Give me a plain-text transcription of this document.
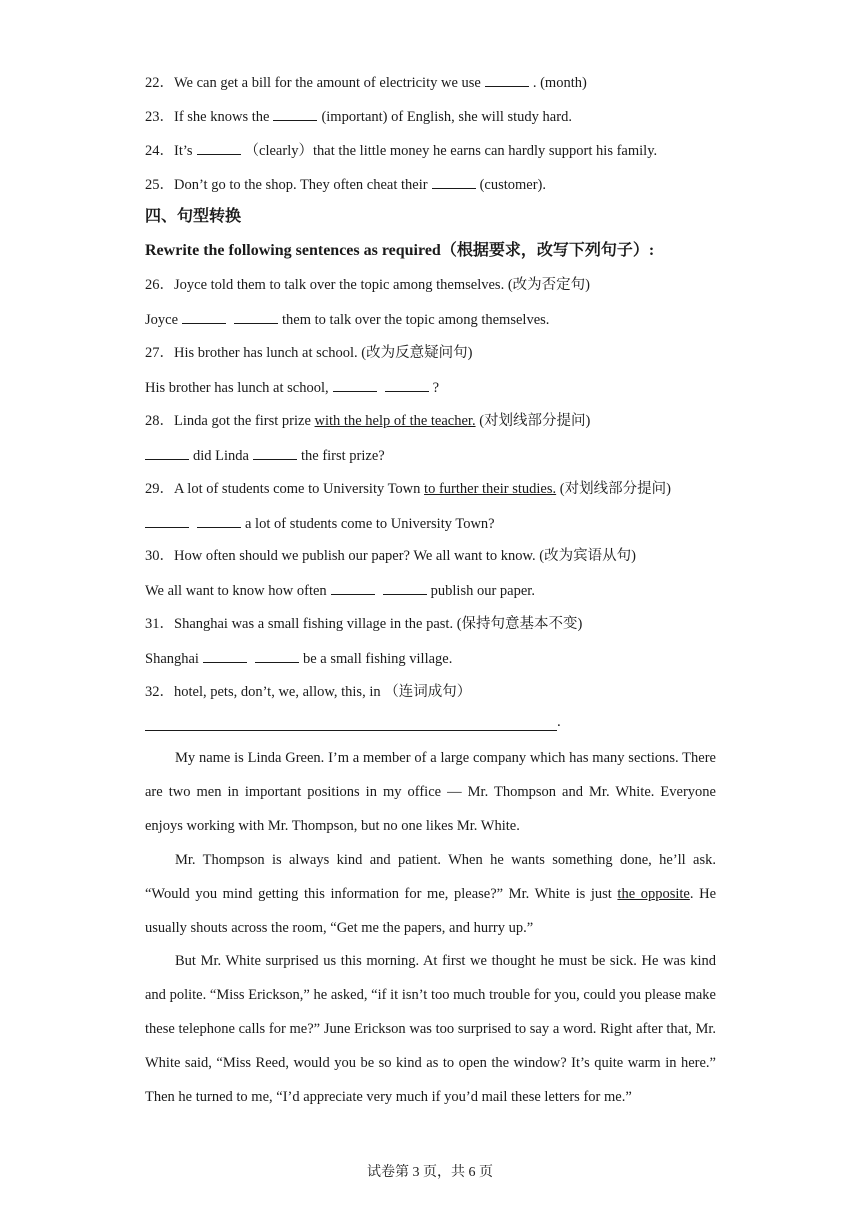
22．We can get a bill for the amount of electricity we use	. (month)
23．If she knows the	(important) of English, she will study hard.
24．It’s	（clearly）that the little money he earns can hardly support his family.
25．Don’t go to the shop. They often cheat their	(customer).
四、句型转换
Rewrite the following sentences as required（根据要求，改写下列句子）:
26．Joyce told them to talk over the topic among themselves. (改为否定句)
Joyce	them to talk over the topic among themselves.
27．His brother has lunch at school. (改为反意疑问句)
His brother has lunch at school,	?
28．Linda got the first prize with the help of the teacher. (对划线部分提问)
did Linda	the first prize?
29．A lot of students come to University Town to further their studies. (对划线部分提问)
a lot of students come to University Town?
30．How often should we publish our paper? We all want to know. (改为宾语从句)
We all want to know how often	publish our paper.
31．Shanghai was a small fishing village in the past. (保持句意基本不变)
Shanghai	be a small fishing village.
32．hotel, pets, don’t, we, allow, this, in （连词成句）
.
My name is Linda Green. I’m a member of a large company which has many sections. There are two men in important positions in my office — Mr. Thompson and Mr. White. Everyone enjoys working with Mr. Thompson, but no one likes Mr. White.
Mr. Thompson is always kind and patient. When he wants something done, he’ll ask. “Would you mind getting this information for me, please?” Mr. White is just the opposite. He usually shouts across the room, “Get me the papers, and hurry up.”
But Mr. White surprised us this morning. At first we thought he must be sick. He was kind and polite. “Miss Erickson,” he asked, “if it isn’t too much trouble for you, could you please make these telephone calls for me?” June Erickson was too surprised to say a word. Right after that, Mr. White said, “Miss Reed, would you be so kind as to open the window? It’s quite warm in here.” Then he turned to me, “I’d appreciate very much if you’d mail these letters for me.”
试卷第 3 页，共 6 页
